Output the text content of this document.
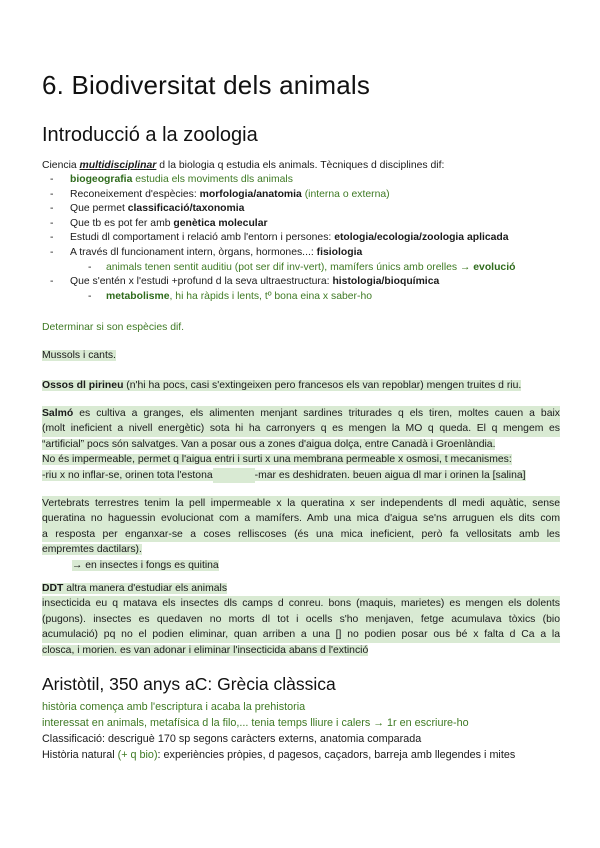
6. Biodiversitat dels animals
Introducció a la zoologia
Ciencia multidisciplinar d la biologia q estudia els animals. Tècniques d disciplines dif:
- biogeografia estudia els moviments dls animals
- Reconeixement d'espècies: morfologia/anatomia (interna o externa)
- Que permet classificació/taxonomia
- Que tb es pot fer amb genètica molecular
- Estudi dl comportament i relació amb l'entorn i persones: etologia/ecologia/zoologia aplicada
- A través dl funcionament intern, òrgans, hormones...: fisiologia
- animals tenen sentit auditiu (pot ser dif inv-vert), mamífers únics amb orelles → evolució
- Que s'entén x l'estudi +profund d la seva ultraestructura: histologia/bioquímica
- metabolisme, hi ha ràpids i lents, tº bona eina x saber-ho
Determinar si son espècies dif.
Mussols i cants.
Ossos dl pirineu (n'hi ha pocs, casi s'extingeixen pero francesos els van repoblar) mengen truites d riu.
Salmó es cultiva a granges, els alimenten menjant sardines triturades q els tiren, moltes cauen a baix
(molt ineficient a nivell energètic) sota hi ha carronyers q es mengen la MO q queda. El q mengem es
“artificial” pocs són salvatges. Van a posar ous a zones d'aigua dolça, entre Canadà i Groenlàndia.
No és impermeable, permet q l'aigua entri i surti x una membrana permeable x osmosi, t mecanismes:
-riu x no inflar-se, orinen tota l'estona	-mar es deshidraten. beuen aigua dl mar i orinen la [salina]
Vertebrats terrestres tenim la pell impermeable x la queratina x ser independents dl medi aquàtic, sense
queratina no haguessin evolucionat com a mamífers. Amb una mica d'aigua se'ns arruguen els dits com
a resposta per enganxar-se a coses relliscoses (és una mica ineficient, però fa vellositats amb les
empremtes dactilars).
→ en insectes i fongs es quitina
DDT altra manera d'estudiar els animals
insecticida eu q matava els insectes dls camps d conreu. bons (maquis, marietes) es mengen els dolents
(pugons). insectes es quedaven no morts dl tot i ocells s'ho menjaven, fetge acumulava tòxics (bio
acumulació) pq no el podien eliminar, quan arriben a una [] no podien posar ous bé x falta d Ca a la
closca, i morien. es van adonar i eliminar l'insecticida abans d l'extinció
Aristòtil, 350 anys aC: Grècia clàssica
història comença amb l'escriptura i acaba la prehistoria
interessat en animals, metafísica d la filo,... tenia temps lliure i calers → 1r en escriure-ho
Classificació: descriguè 170 sp segons caràcters externs, anatomia comparada
Història natural (+ q bio): experiències pròpies, d pagesos, caçadors, barreja amb llegendes i mites
